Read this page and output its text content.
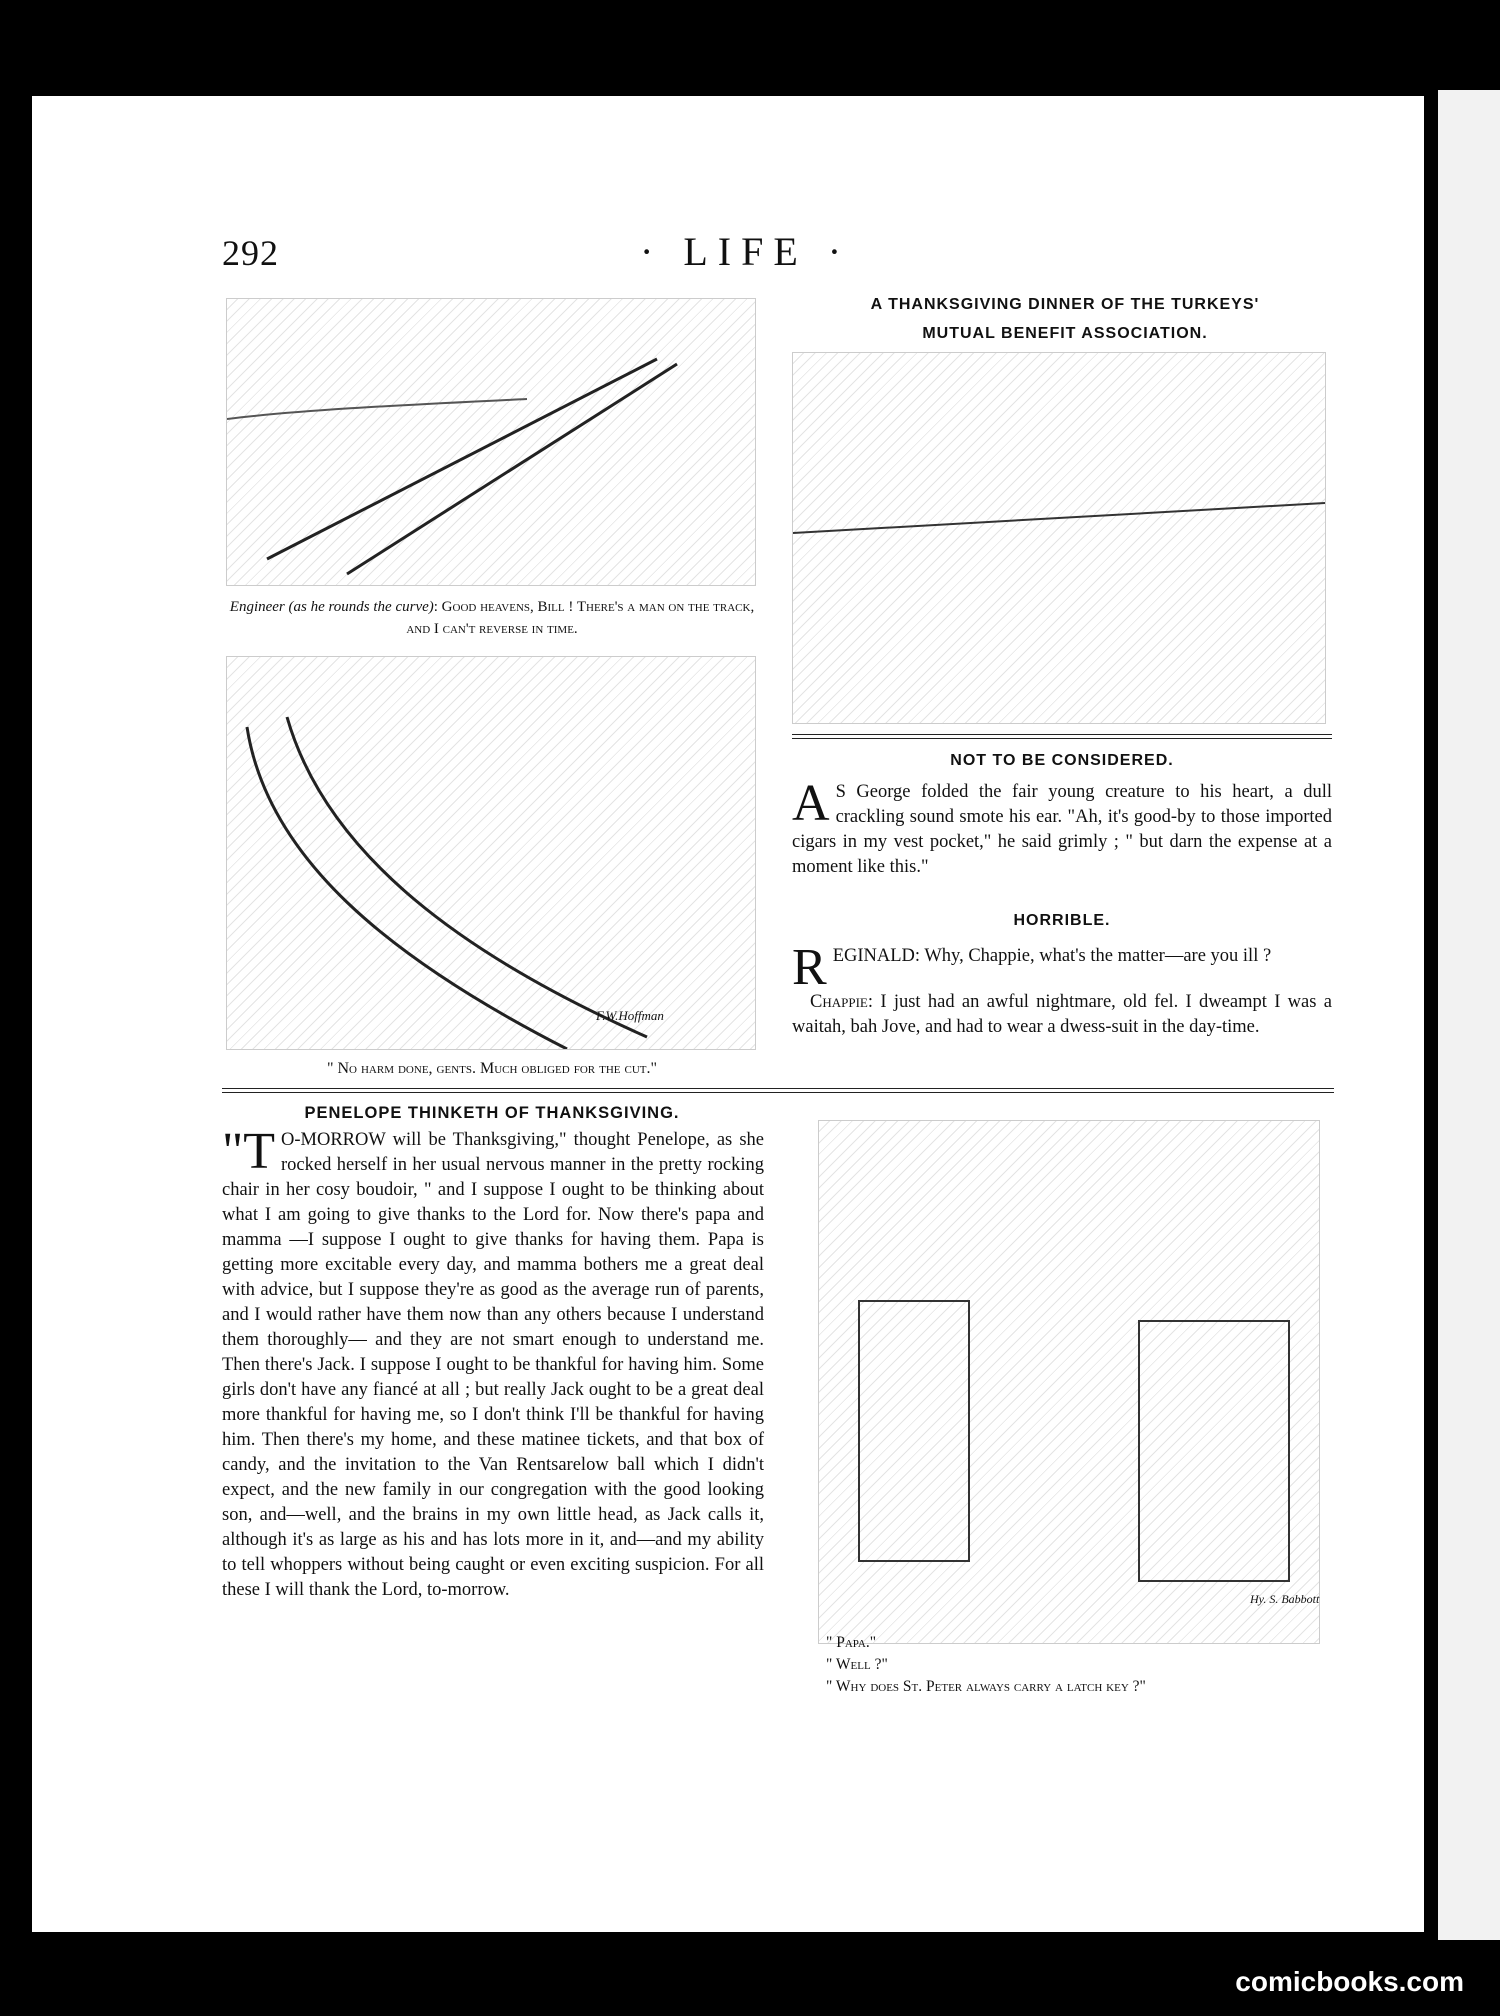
292	· LIFE ·
Engineer (as he rounds the curve): Good heavens, Bill ! There's a man on the track, and I can't reverse in time.
F.W.Hoffman
" No harm done, gents. Much obliged for the cut."
A THANKSGIVING DINNER OF THE TURKEYS'
MUTUAL BENEFIT ASSOCIATION.
NOT TO BE CONSIDERED.
A S George folded the fair young creature to his heart, a dull crackling sound smote his ear. "Ah, it's good-by to those imported cigars in my vest pocket," he said grimly ; " but darn the expense at a moment like this."
HORRIBLE.

REGINALD: Why, Chappie, what's the matter—are you ill ?

Chappie: I just had an awful nightmare, old fel. I dweampt I was a waitah, bah Jove, and had to wear a dwess-suit in the day-time.

PENELOPE THINKETH OF THANKSGIVING.
"T O-MORROW will be Thanksgiving," thought Penelope, as she rocked herself in her usual nervous manner in the pretty rocking chair in her cosy boudoir, " and I suppose I ought to be thinking about what I am going to give thanks to the Lord for. Now there's papa and mamma —I suppose I ought to give thanks for having them. Papa is getting more excitable every day, and mamma bothers me a great deal with advice, but I suppose they're as good as the average run of parents, and I would rather have them now than any others because I understand them thoroughly— and they are not smart enough to understand me. Then there's Jack. I suppose I ought to be thankful for having him. Some girls don't have any fiancé at all ; but really Jack ought to be a great deal more thankful for having me, so I don't think I'll be thankful for having him. Then there's my home, and these matinee tickets, and that box of candy, and the invitation to the Van Rentsarelow ball which I didn't expect, and the new family in our congregation with the good looking son, and—well, and the brains in my own little head, as Jack calls it, although it's as large as his and has lots more in it, and—and my ability to tell whoppers without being caught or even exciting suspicion. For all these I will thank the Lord, to-morrow.	Hy. S. Babbott
" Papa."
" Well ?"
" Why does St. Peter always carry a latch key ?"
comicbooks.com
